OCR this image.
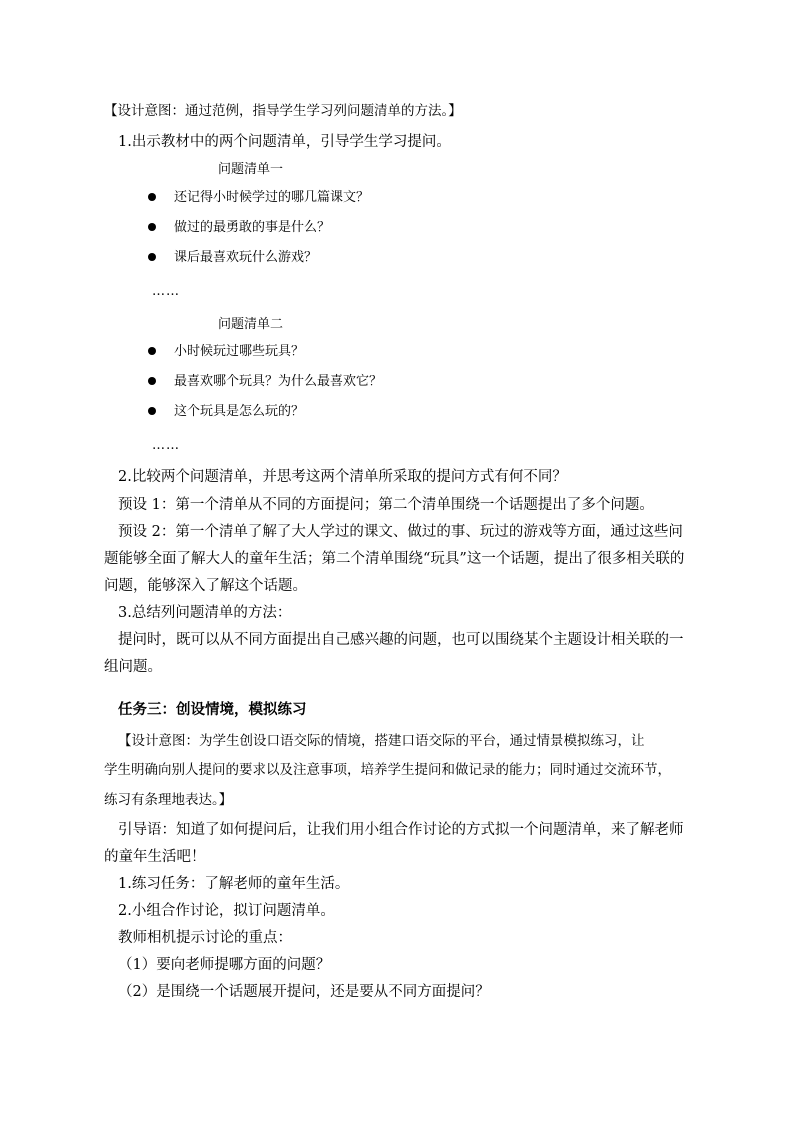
【设计意图：通过范例，指导学生学习列问题清单的方法。】
1.出示教材中的两个问题清单，引导学生学习提问。
问题清单一
还记得小时候学过的哪几篇课文？
做过的最勇敢的事是什么？
课后最喜欢玩什么游戏？
……
问题清单二
小时候玩过哪些玩具？
最喜欢哪个玩具？为什么最喜欢它？
这个玩具是怎么玩的？
……
2.比较两个问题清单，并思考这两个清单所采取的提问方式有何不同？
预设 1：第一个清单从不同的方面提问；第二个清单围绕一个话题提出了多个问题。
预设 2：第一个清单了解了大人学过的课文、做过的事、玩过的游戏等方面，通过这些问
题能够全面了解大人的童年生活；第二个清单围绕“玩具”这一个话题，提出了很多相关联的
问题，能够深入了解这个话题。
3.总结列问题清单的方法：
提问时，既可以从不同方面提出自己感兴趣的问题，也可以围绕某个主题设计相关联的一
组问题。
任务三：创设情境，模拟练习
【设计意图：为学生创设口语交际的情境，搭建口语交际的平台，通过情景模拟练习，让
学生明确向别人提问的要求以及注意事项，培养学生提问和做记录的能力；同时通过交流环节，
练习有条理地表达。】
引导语：知道了如何提问后，让我们用小组合作讨论的方式拟一个问题清单，来了解老师
的童年生活吧！
1.练习任务：了解老师的童年生活。
2.小组合作讨论，拟订问题清单。
教师相机提示讨论的重点：
（1）要向老师提哪方面的问题？
（2）是围绕一个话题展开提问，还是要从不同方面提问？
